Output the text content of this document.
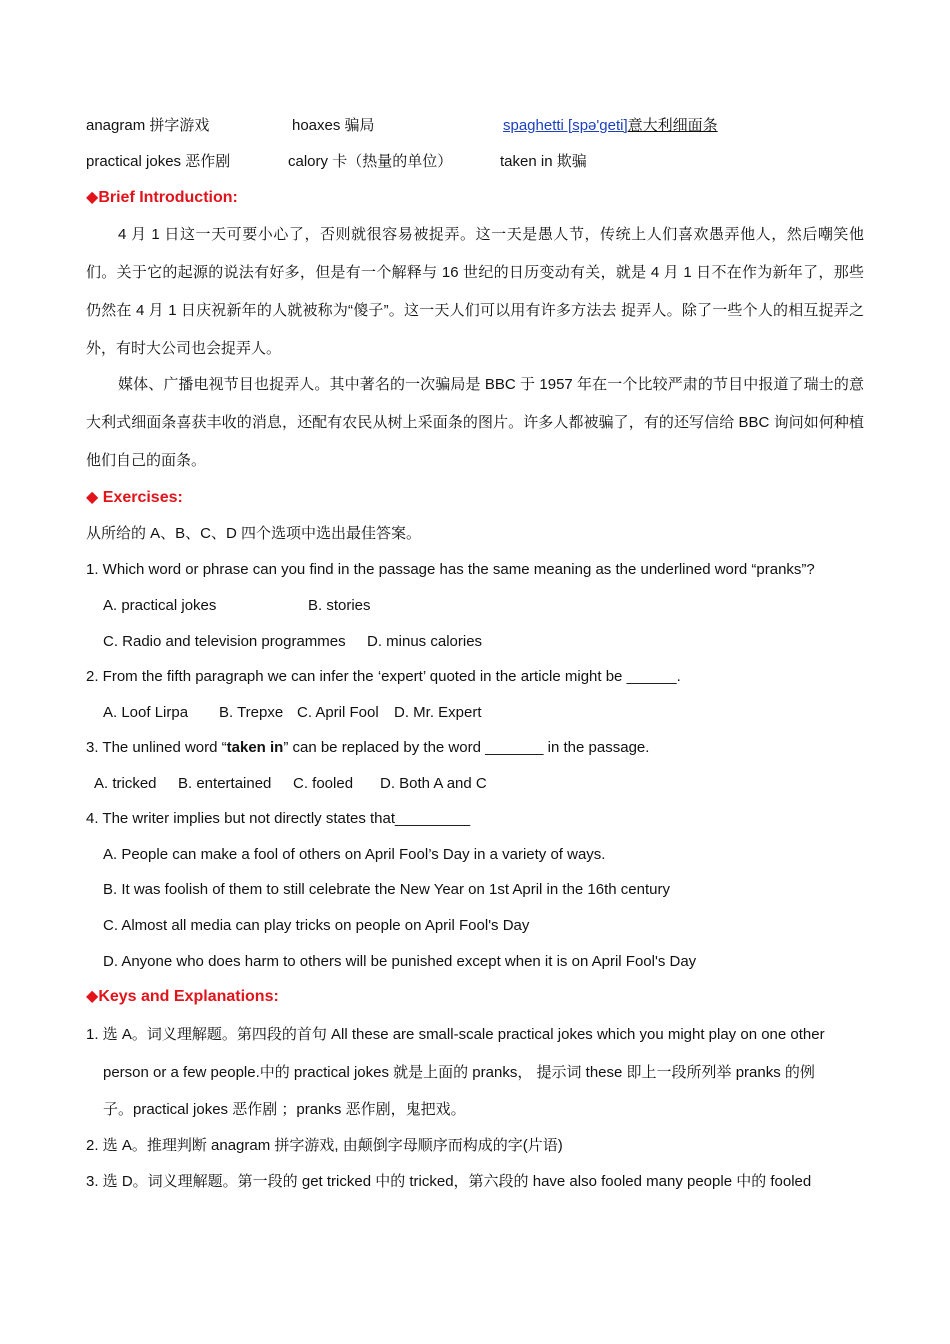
anagram 拼字游戏	hoaxes 骗局	spaghetti [spə'geti]意大利细面条
practical jokes 恶作剧	calory 卡（热量的单位）	taken in 欺骗
◆Brief Introduction:
4 月 1 日这一天可要小心了，否则就很容易被捉弄。这一天是愚人节，传统上人们喜欢愚弄他人，然后嘲笑他们。关于它的起源的说法有好多，但是有一个解释与 16 世纪的日历变动有关，就是 4 月 1 日不在作为新年了，那些仍然在 4 月 1 日庆祝新年的人就被称为“傻子”。这一天人们可以用有许多方法去 捉弄人。除了一些个人的相互捉弄之外，有时大公司也会捉弄人。
媒体、广播电视节目也捉弄人。其中著名的一次骗局是 BBC 于 1957 年在一个比较严肃的节目中报道了瑞士的意大利式细面条喜获丰收的消息，还配有农民从树上采面条的图片。许多人都被骗了，有的还写信给 BBC 询问如何种植他们自己的面条。
◆ Exercises:
从所给的 A、B、C、D 四个选项中选出最佳答案。
1. Which word or phrase can you find in the passage has the same meaning as the underlined word “pranks”?
A. practical jokes	B. stories
C. Radio and television programmes D. minus calories
2. From the fifth paragraph we can infer the ‘expert’ quoted in the article might be ______.
A. Loof Lirpa B. Trepxe C. April Fool D. Mr. Expert
3. The unlined word “taken in” can be replaced by the word _______ in the passage.
A. tricked B. entertained C. fooled D. Both A and C
4. The writer implies but not directly states that_________
A. People can make a fool of others on April Fool’s Day in a variety of ways.
B. It was foolish of them to still celebrate the New Year on 1st April in the 16th century
C. Almost all media can play tricks on people on April Fool's Day
D. Anyone who does harm to others will be punished except when it is on April Fool's Day
◆Keys and Explanations:
1. 选 A。词义理解题。第四段的首句 All these are small-scale practical jokes which you might play on one other
person or a few people.中的 practical jokes 就是上面的 pranks， 提示词 these 即上一段所列举 pranks 的例
子。practical jokes 恶作剧 ；pranks 恶作剧，鬼把戏。
2. 选 A。推理判断 anagram 拼字游戏, 由颠倒字母顺序而构成的字(片语)
3. 选 D。词义理解题。第一段的 get tricked 中的 tricked，第六段的 have also fooled many people 中的 fooled
